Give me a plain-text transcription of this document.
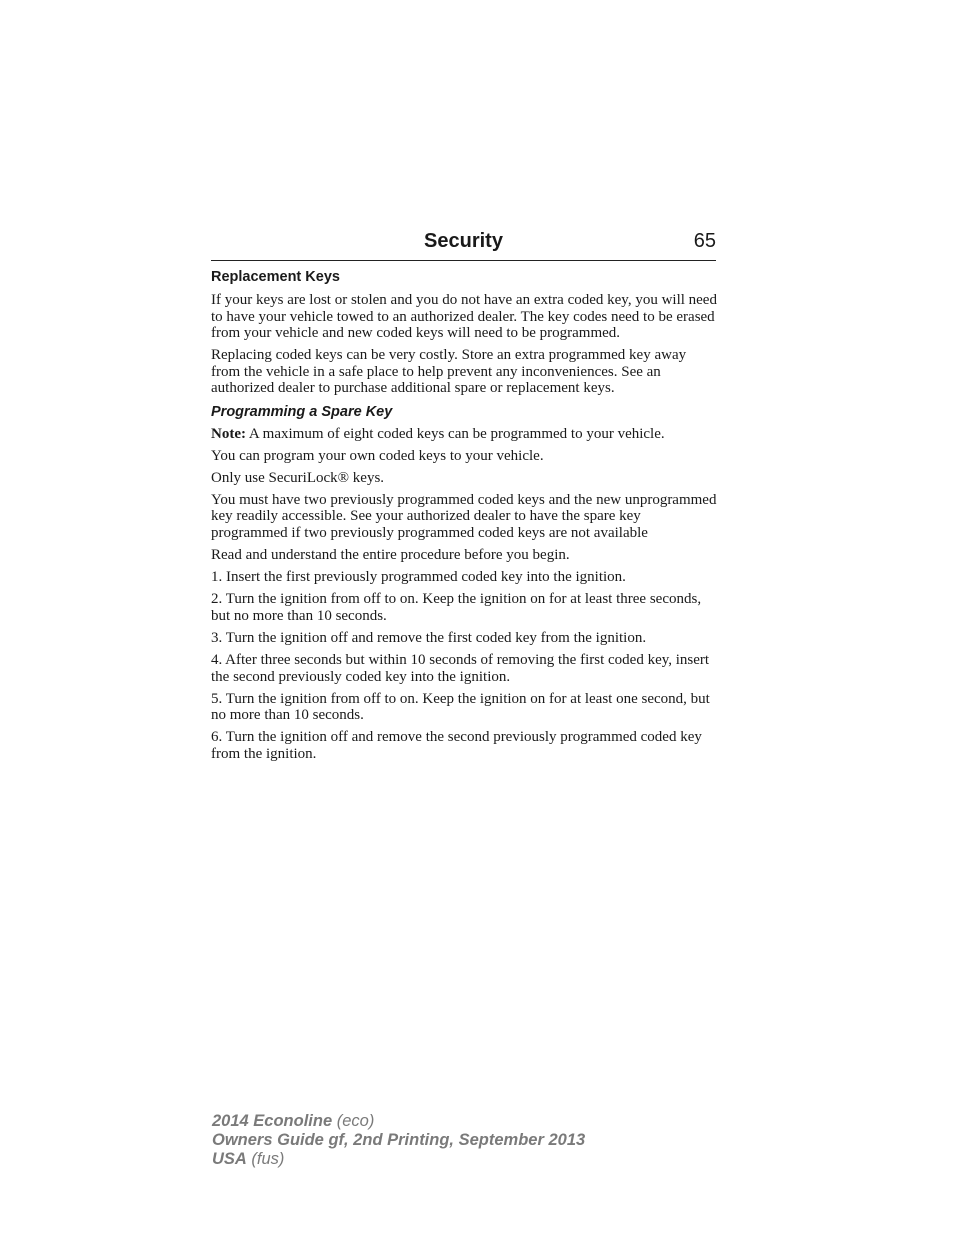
Security	65
Replacement Keys

If your keys are lost or stolen and you do not have an extra coded key, you will need to have your vehicle towed to an authorized dealer. The key codes need to be erased from your vehicle and new coded keys will need to be programmed.

Replacing coded keys can be very costly. Store an extra programmed key away from the vehicle in a safe place to help prevent any inconveniences. See an authorized dealer to purchase additional spare or replacement keys.

Programming a Spare Key

Note: A maximum of eight coded keys can be programmed to your vehicle.

You can program your own coded keys to your vehicle.

Only use SecuriLock® keys.

You must have two previously programmed coded keys and the new unprogrammed key readily accessible. See your authorized dealer to have the spare key programmed if two previously programmed coded keys are not available

Read and understand the entire procedure before you begin.

1. Insert the first previously programmed coded key into the ignition.

2. Turn the ignition from off to on. Keep the ignition on for at least three seconds, but no more than 10 seconds.

3. Turn the ignition off and remove the first coded key from the ignition.

4. After three seconds but within 10 seconds of removing the first coded key, insert the second previously coded key into the ignition.

5. Turn the ignition from off to on. Keep the ignition on for at least one second, but no more than 10 seconds.

6. Turn the ignition off and remove the second previously programmed coded key from the ignition.

2014 Econoline (eco)
Owners Guide gf, 2nd Printing, September 2013
USA (fus)
